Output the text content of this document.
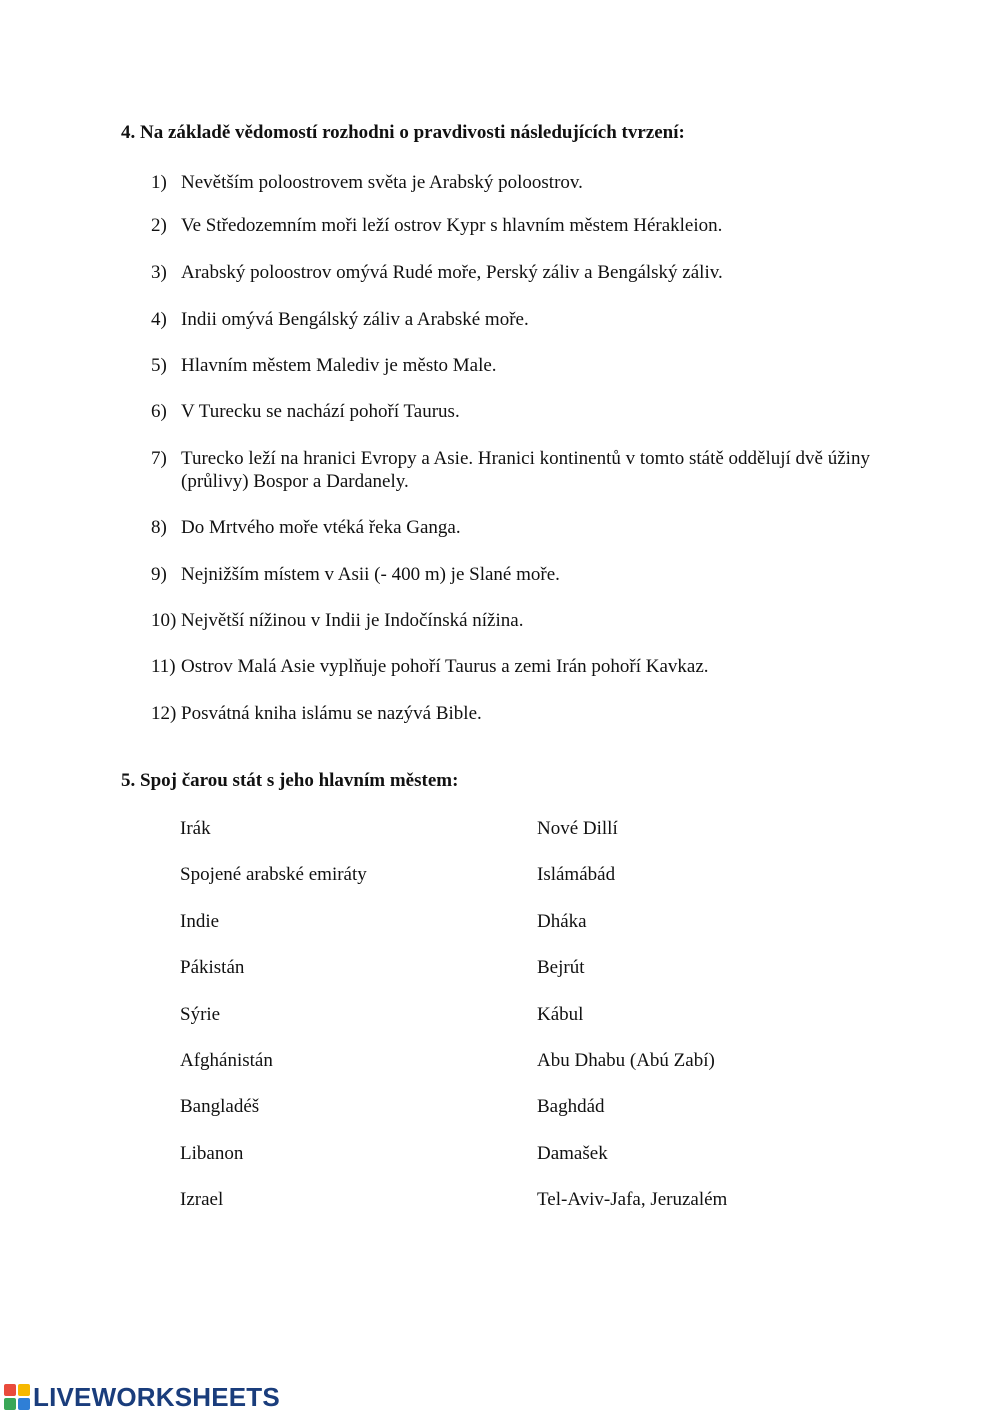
4. Na základě vědomostí rozhodni o pravdivosti následujících tvrzení:
1) Nevětším poloostrovem světa je Arabský poloostrov.
2) Ve Středozemním moři leží ostrov Kypr s hlavním městem Hérakleion.
3) Arabský poloostrov omývá Rudé moře, Perský záliv a Bengálský záliv.
4) Indii omývá Bengálský záliv a Arabské moře.
5) Hlavním městem Malediv je město Male.
6) V Turecku se nachází pohoří Taurus.
7) Turecko leží na hranici Evropy a Asie. Hranici kontinentů v tomto státě oddělují dvě úžiny (průlivy) Bospor a Dardanely.
8) Do Mrtvého moře vtéká řeka Ganga.
9) Nejnižším místem v Asii (- 400 m) je Slané moře.
10) Největší nížinou v Indii je Indočínská nížina.
11) Ostrov Malá Asie vyplňuje pohoří Taurus a zemi Irán pohoří Kavkaz.
12) Posvátná kniha islámu se nazývá Bible.
5. Spoj čarou stát s jeho hlavním městem:
Irák
Spojené arabské emiráty
Indie
Pákistán
Sýrie
Afghánistán
Bangladéš
Libanon
Izrael
Nové Dillí
Islámábád
Dháka
Bejrút
Kábul
Abu Dhabu (Abú Zabí)
Baghdád
Damašek
Tel-Aviv-Jafa, Jeruzalém
LIVEWORKSHEETS
